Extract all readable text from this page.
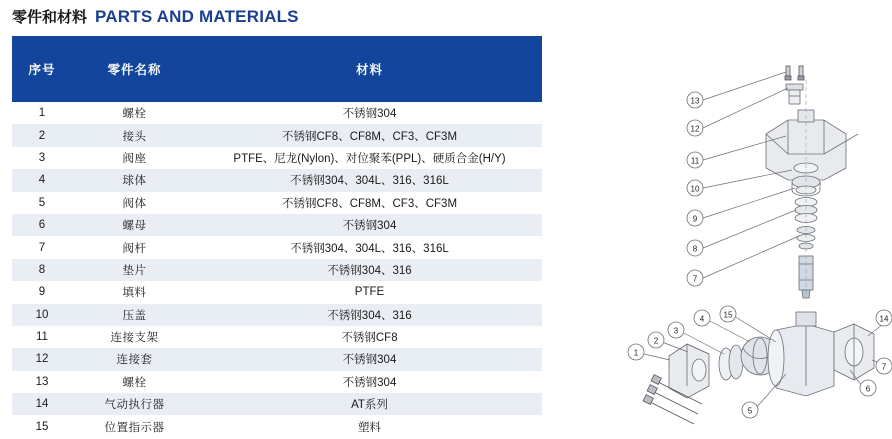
零件和材料 PARTS AND MATERIALS
序号	零件名称	材料
1	螺栓	不锈钢304
2	接头	不锈钢CF8、CF8M、CF3、CF3M
3	阀座	PTFE、尼龙(Nylon)、对位聚苯(PPL)、硬质合金(H/Y)
4	球体	不锈钢304、304L、316、316L
5	阀体	不锈钢CF8、CF8M、CF3、CF3M
6	螺母	不锈钢304
7	阀杆	不锈钢304、304L、316、316L
8	垫片	不锈钢304、316
9	填料	PTFE
10	压盖	不锈钢304、316
11	连接支架	不锈钢CF8
12	连接套	不锈钢304
13	螺栓	不锈钢304
14	气动执行器	AT系列
15	位置指示器	塑料
13
12
11
10
9
8
7
1
2
3
4 15
5
6
14
7
